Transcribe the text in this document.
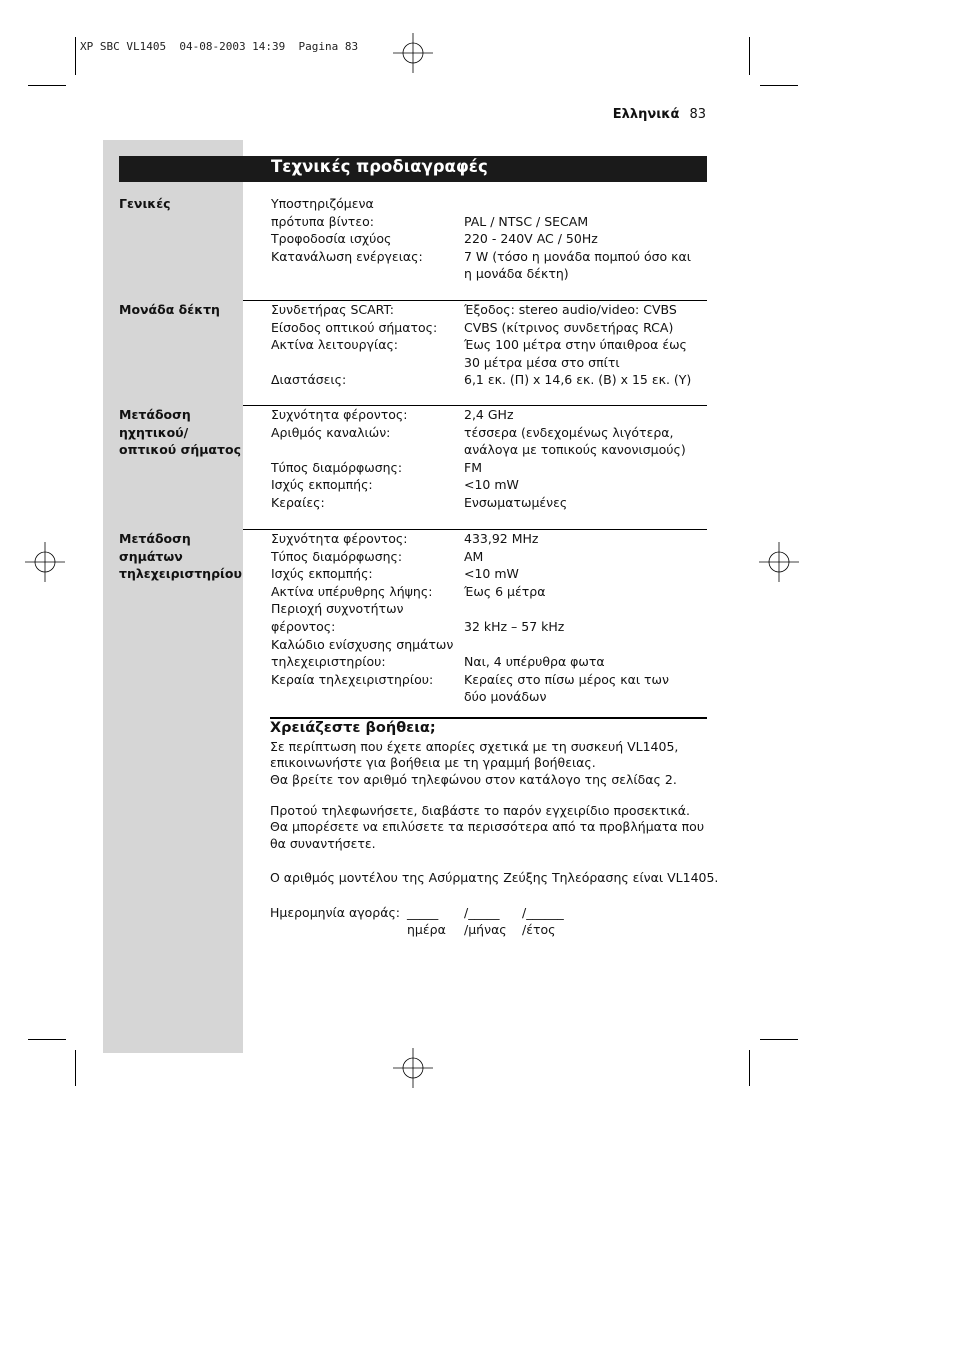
XP SBC VL1405  04-08-2003 14:39  Pagina 83
Ελληνικά 83
Τεχνικές προδιαγραφές
Γενικές	Υποστηριζόμενα
πρότυπα βίντεο:
	PAL / NTSC / SECAM
Τροφοδοσία ισχύος	220 - 240V AC / 50Hz
Κατανάλωση ενέργειας:	7 W (τόσο η μονάδα πομπού όσο και
η μονάδα δέκτη)
Μονάδα δέκτη	Συνδετήρας SCART:	Έξοδος: stereo audio/video: CVBS
Είσοδος οπτικού σήματος:	CVBS (κίτρινος συνδετήρας RCA)
Ακτίνα λειτουργίας:	Έως 100 μέτρα στην ύπαιθροα έως
30 μέτρα μέσα στο σπίτι
Διαστάσεις:	6,1 εκ. (Π) x 14,6 εκ. (Β) x 15 εκ. (Υ)
Μετάδοση
ηχητικού/
οπτικού σήματος
Συχνότητα φέροντος:	2,4 GHz
Αριθμός καναλιών:	τέσσερα (ενδεχομένως λιγότερα,
ανάλογα με τοπικούς κανονισμούς)
Τύπος διαμόρφωσης:	FM
Ισχύς εκπομπής:	<10 mW
Κεραίες:	Ενσωματωμένες
Μετάδοση
σημάτων
τηλεχειριστηρίου
Συχνότητα φέροντος:	433,92 MHz
Τύπος διαμόρφωσης:	AM
Ισχύς εκπομπής:	<10 mW
Ακτίνα υπέρυθρης λήψης:	Έως 6 μέτρα
Περιοχή συχνοτήτων
φέροντος:
	32 kHz – 57 kHz
Καλώδιο ενίσχυσης σημάτων
τηλεχειριστηρίου:
	Ναι, 4 υπέρυθρα φωτα
Κεραία τηλεχειριστηρίου:	Κεραίες στο πίσω μέρος και των
δύο μονάδων
Χρειάζεστε βοήθεια;
Σε περίπτωση που έχετε απορίες σχετικά με τη συσκευή VL1405,
επικοινωνήστε για βοήθεια με τη γραμμή βοήθειας.
Θα βρείτε τον αριθμό τηλεφώνου στον κατάλογο της σελίδας 2.
Προτού τηλεφωνήσετε, διαβάστε το παρόν εγχειρίδιο προσεκτικά.
Θα μπορέσετε να επιλύσετε τα περισσότερα από τα προβλήματα που
θα συναντήσετε.
Ο αριθμός μοντέλου της Ασύρματης Ζεύξης Τηλεόρασης είναι VL1405.
Ημερομηνία αγοράς: _____
ημέρα
/_____
/μήνας
/______
/έτος
